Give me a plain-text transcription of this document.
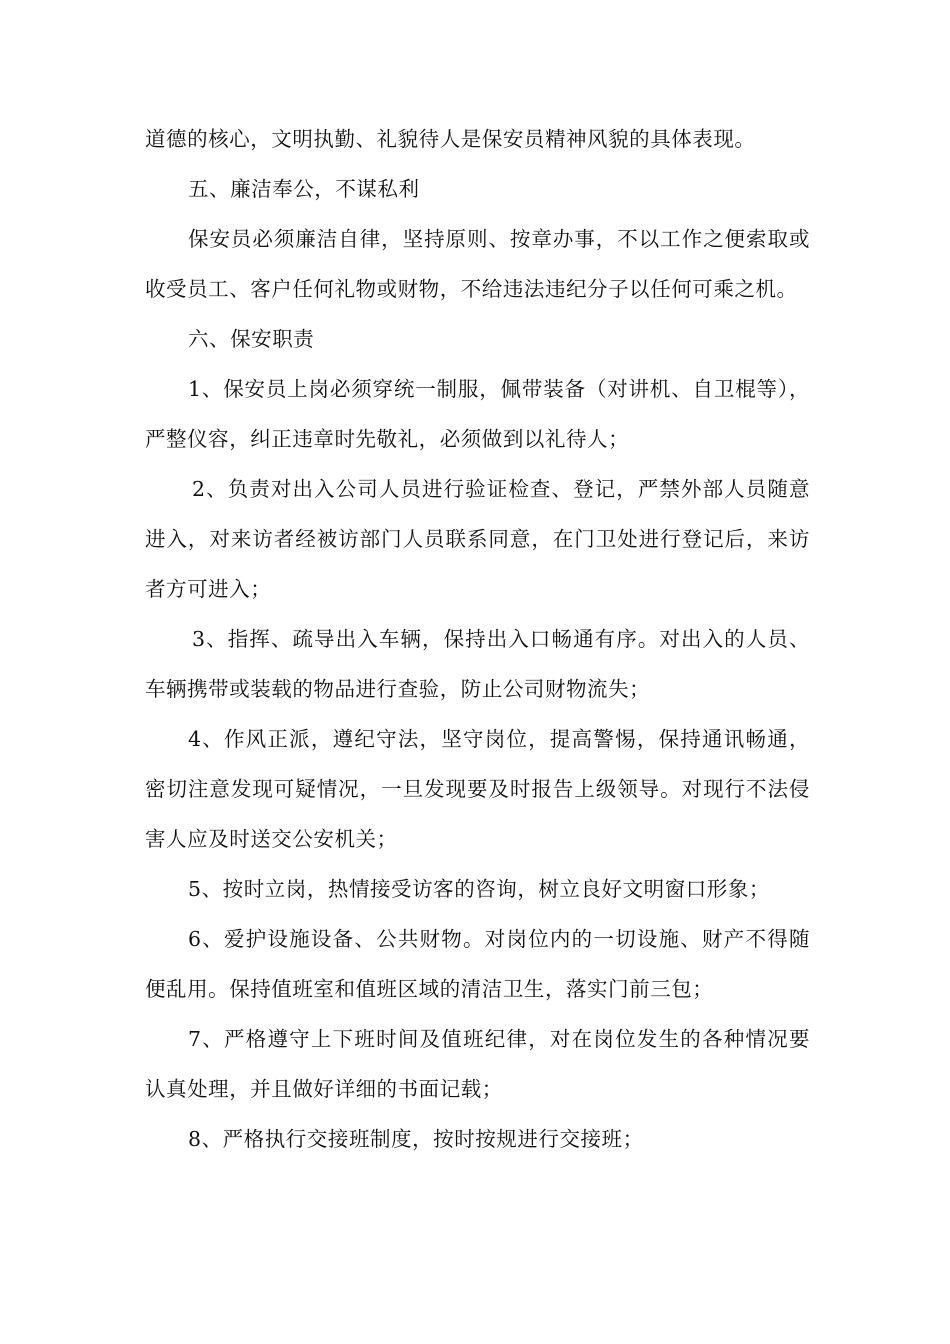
道德的核心，文明执勤、礼貌待人是保安员精神风貌的具体表现。

五、廉洁奉公，不谋私利

保安员必须廉洁自律，坚持原则、按章办事，不以工作之便索取或收受员工、客户任何礼物或财物，不给违法违纪分子以任何可乘之机。

六、保安职责

1、保安员上岗必须穿统一制服，佩带装备（对讲机、自卫棍等），严整仪容，纠正违章时先敬礼，必须做到以礼待人；

2、负责对出入公司人员进行验证检查、登记，严禁外部人员随意进入，对来访者经被访部门人员联系同意，在门卫处进行登记后，来访者方可进入；

3、指挥、疏导出入车辆，保持出入口畅通有序。对出入的人员、车辆携带或装载的物品进行查验，防止公司财物流失；

4、作风正派，遵纪守法，坚守岗位，提高警惕，保持通讯畅通，密切注意发现可疑情况，一旦发现要及时报告上级领导。对现行不法侵害人应及时送交公安机关；

5、按时立岗，热情接受访客的咨询，树立良好文明窗口形象；

6、爱护设施设备、公共财物。对岗位内的一切设施、财产不得随便乱用。保持值班室和值班区域的清洁卫生，落实门前三包；

7、严格遵守上下班时间及值班纪律，对在岗位发生的各种情况要认真处理，并且做好详细的书面记载；

8、严格执行交接班制度，按时按规进行交接班；
